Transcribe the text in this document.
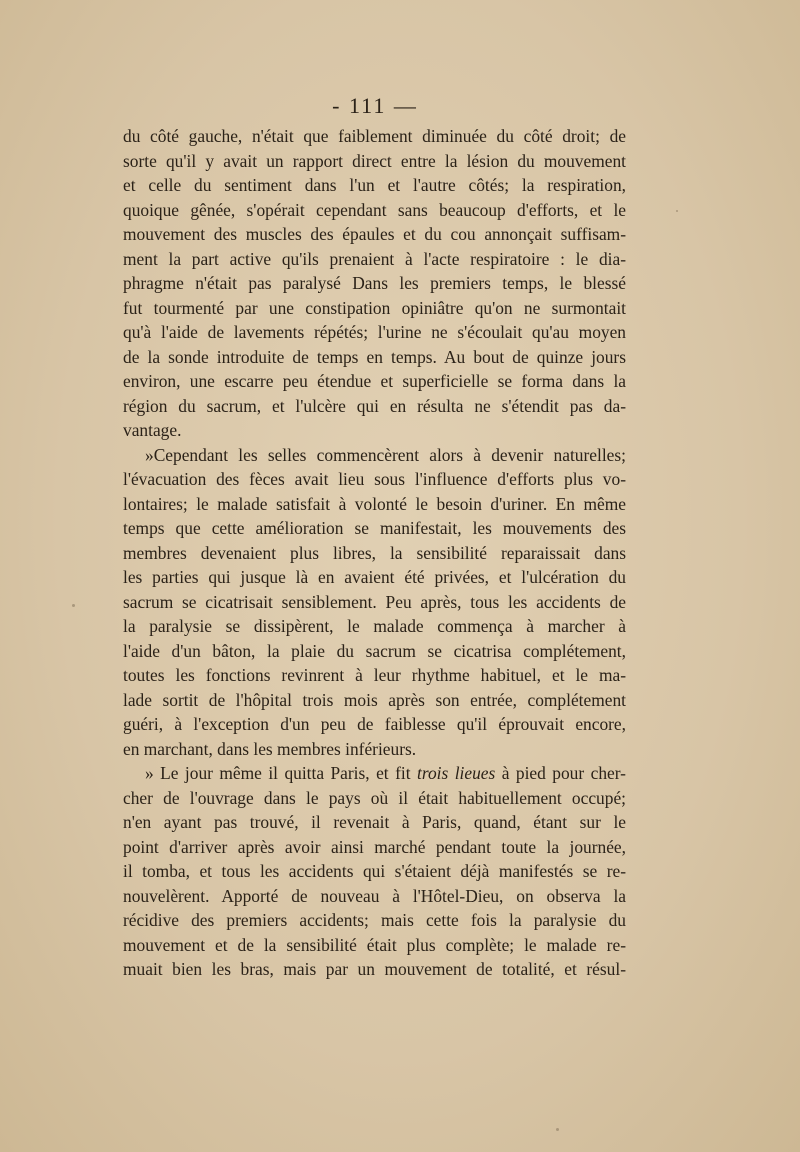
- 111 —
du côté gauche, n'était que faiblement diminuée du côté droit; de
sorte qu'il y avait un rapport direct entre la lésion du mouvement
et celle du sentiment dans l'un et l'autre côtés; la respiration,
quoique gênée, s'opérait cependant sans beaucoup d'efforts, et le
mouvement des muscles des épaules et du cou annonçait suffisam-
ment la part active qu'ils prenaient à l'acte respiratoire : le dia-
phragme n'était pas paralysé Dans les premiers temps, le blessé
fut tourmenté par une constipation opiniâtre qu'on ne surmontait
qu'à l'aide de lavements répétés; l'urine ne s'écoulait qu'au moyen
de la sonde introduite de temps en temps. Au bout de quinze jours
environ, une escarre peu étendue et superficielle se forma dans la
région du sacrum, et l'ulcère qui en résulta ne s'étendit pas da-
vantage.
»Cependant les selles commencèrent alors à devenir naturelles;
l'évacuation des fèces avait lieu sous l'influence d'efforts plus vo-
lontaires; le malade satisfait à volonté le besoin d'uriner. En même
temps que cette amélioration se manifestait, les mouvements des
membres devenaient plus libres, la sensibilité reparaissait dans
les parties qui jusque là en avaient été privées, et l'ulcération du
sacrum se cicatrisait sensiblement. Peu après, tous les accidents de
la paralysie se dissipèrent, le malade commença à marcher à
l'aide d'un bâton, la plaie du sacrum se cicatrisa complétement,
toutes les fonctions revinrent à leur rhythme habituel, et le ma-
lade sortit de l'hôpital trois mois après son entrée, complétement
guéri, à l'exception d'un peu de faiblesse qu'il éprouvait encore,
en marchant, dans les membres inférieurs.
» Le jour même il quitta Paris, et fit trois lieues à pied pour cher-
cher de l'ouvrage dans le pays où il était habituellement occupé;
n'en ayant pas trouvé, il revenait à Paris, quand, étant sur le
point d'arriver après avoir ainsi marché pendant toute la journée,
il tomba, et tous les accidents qui s'étaient déjà manifestés se re-
nouvelèrent. Apporté de nouveau à l'Hôtel-Dieu, on observa la
récidive des premiers accidents; mais cette fois la paralysie du
mouvement et de la sensibilité était plus complète; le malade re-
muait bien les bras, mais par un mouvement de totalité, et résul-
